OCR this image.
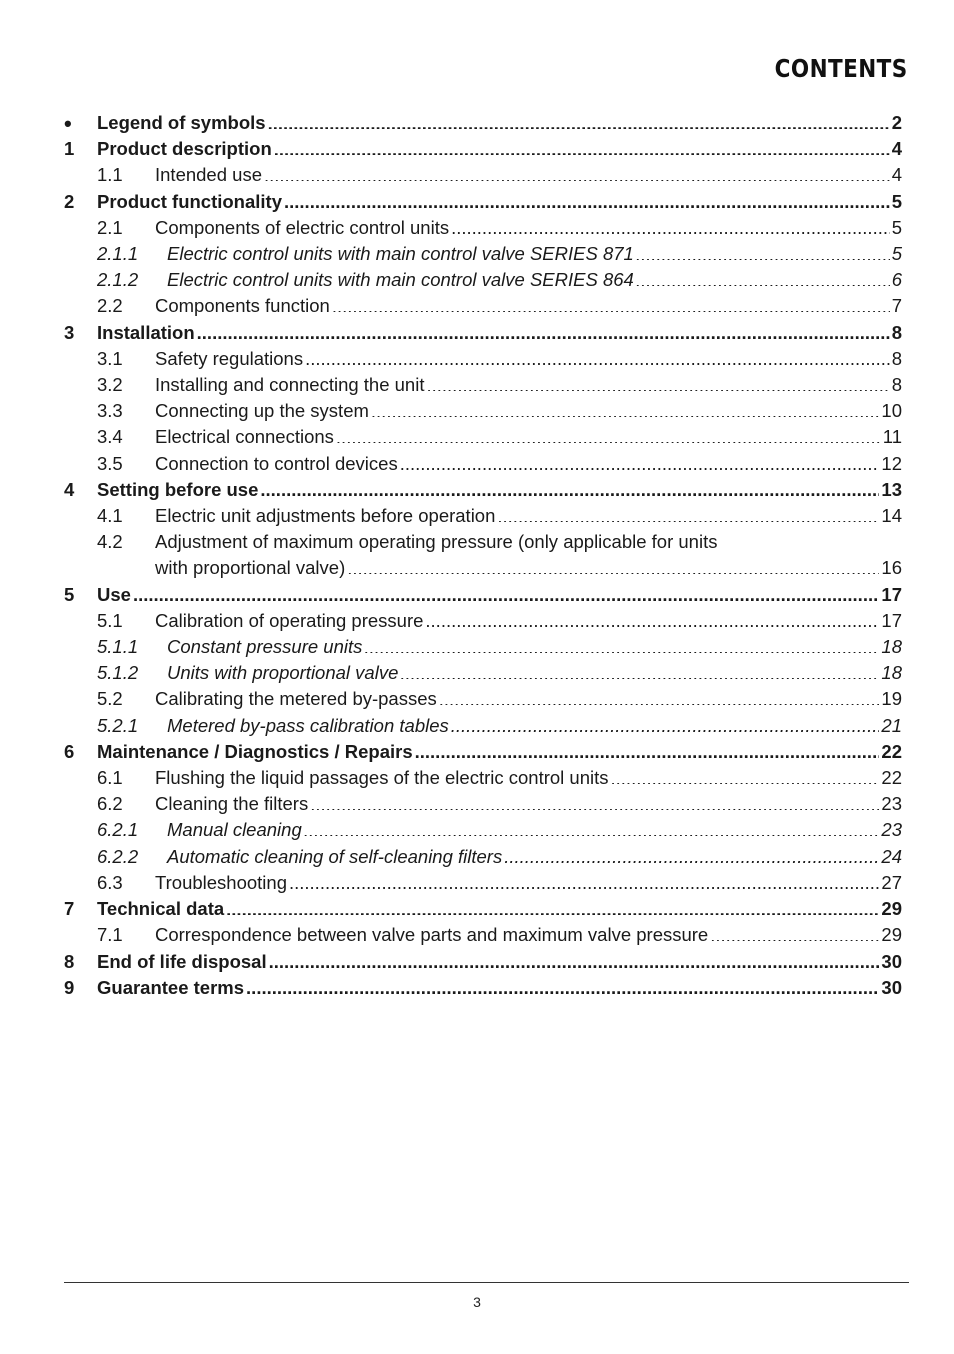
CONTENTS
•	Legend of symbols .....	2
1	Product description .....	4
1.1	Intended use .....	4
2	Product functionality .....	5
2.1	Components of electric control units .....	5
2.1.1	Electric control units with main control valve SERIES 871 .....	5
2.1.2	Electric control units with main control valve SERIES 864 .....	6
2.2	Components function .....	7
3	Installation .....	8
3.1	Safety regulations .....	8
3.2	Installing and connecting the unit .....	8
3.3	Connecting up the system .....	10
3.4	Electrical connections .....	11
3.5	Connection to control devices .....	12
4	Setting before use .....	13
4.1	Electric unit adjustments before operation .....	14
4.2	Adjustment of maximum operating pressure (only applicable for units
with proportional valve) .....	16
5	Use .....	17
5.1	Calibration of operating pressure .....	17
5.1.1	Constant pressure units .....	18
5.1.2	Units with proportional valve .....	18
5.2	Calibrating the metered by-passes .....	19
5.2.1	Metered by-pass calibration tables .....	21
6	Maintenance / Diagnostics / Repairs .....	22
6.1	Flushing the liquid passages of the electric control units .....	22
6.2	Cleaning the filters .....	23
6.2.1	Manual cleaning .....	23
6.2.2	Automatic cleaning of self-cleaning filters .....	24
6.3	Troubleshooting .....	27
7	Technical data .....	29
7.1	Correspondence between valve parts and maximum valve pressure .....	29
8	End of life disposal .....	30
9	Guarantee terms .....	30
3
